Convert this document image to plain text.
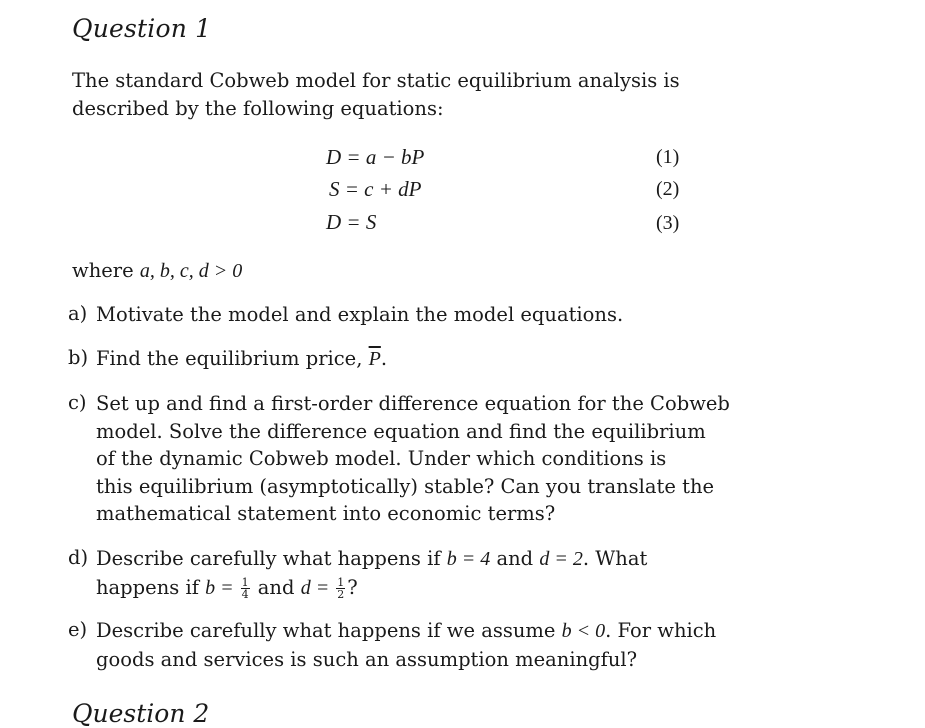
Question 1
The standard Cobweb model for static equilibrium analysis is
described by the following equations:
D = a − bP	(1)
S = c + dP	(2)
D = S	(3)
where a, b, c, d > 0
a) Motivate the model and explain the model equations.
b) Find the equilibrium price, $\overline{P}$.
c) Set up and find a first-order difference equation for the Cobweb
model. Solve the difference equation and find the equilibrium
of the dynamic Cobweb model. Under which conditions is
this equilibrium (asymptotically) stable? Can you translate the
mathematical statement into economic terms?
d) Describe carefully what happens if b = 4 and d = 2. What
happens if $b = \frac{1}{4}$ and $d = \frac{1}{2}$ ?
e) Describe carefully what happens if we assume b < 0. For which
goods and services is such an assumption meaningful?
Question 2
